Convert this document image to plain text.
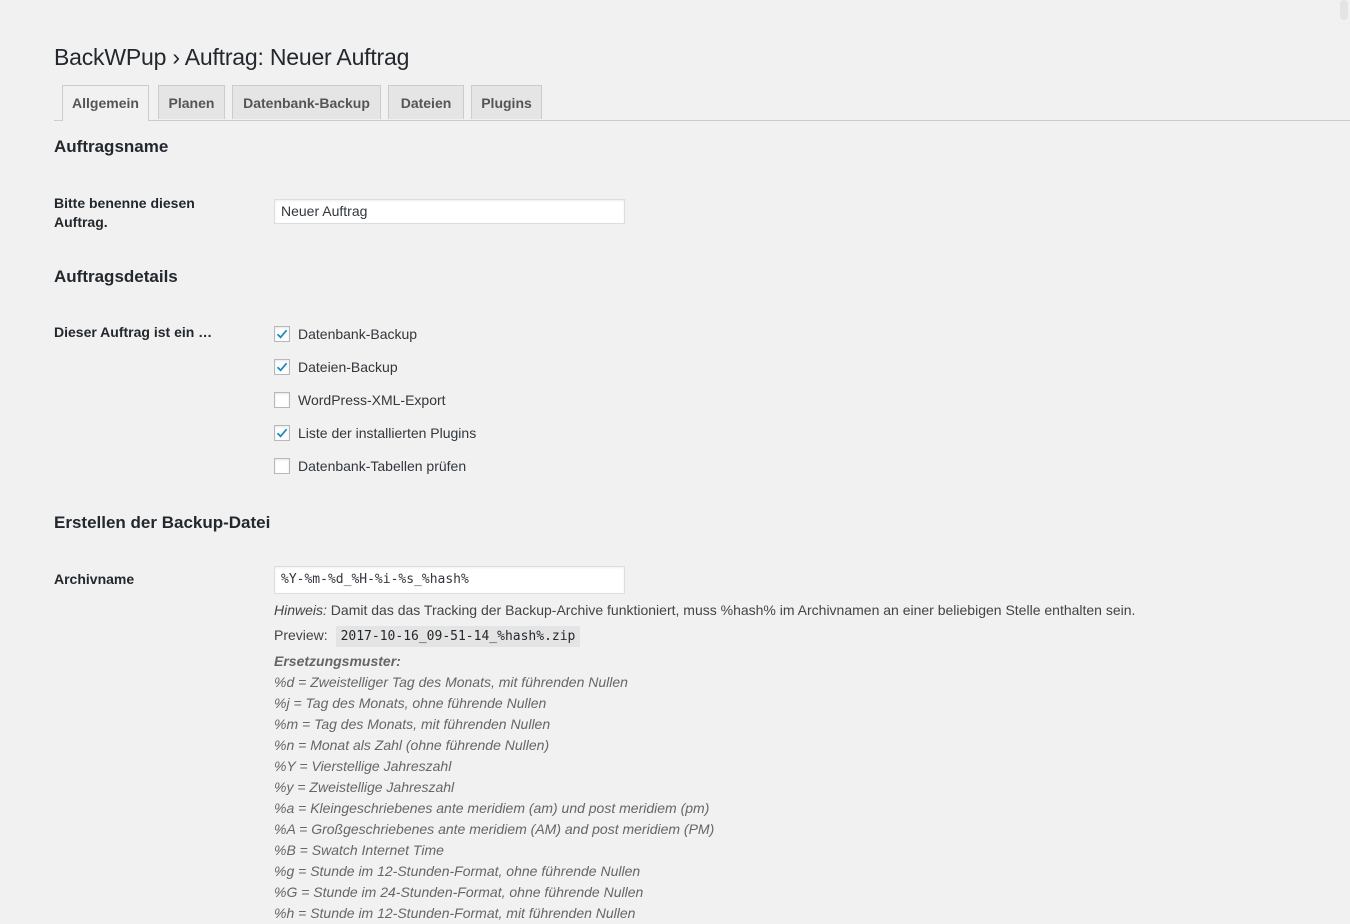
BackWPup › Auftrag: Neuer Auftrag
Allgemein	Planen	Datenbank-Backup	Dateien	Plugins
Auftragsname
Bitte benenne diesen Auftrag.
Neuer Auftrag
Auftragsdetails
Dieser Auftrag ist ein …	Datenbank-Backup
Dateien-Backup
WordPress-XML-Export
Liste der installierten Plugins
Datenbank-Tabellen prüfen
Erstellen der Backup-Datei
Archivname	%Y-%m-%d_%H-%i-%s_%hash%
Hinweis: Damit das das Tracking der Backup-Archive funktioniert, muss %hash% im Archivnamen an einer beliebigen Stelle enthalten sein.
Preview: 2017-10-16_09-51-14_%hash%.zip
Ersetzungsmuster:
%d = Zweistelliger Tag des Monats, mit führenden Nullen
%j = Tag des Monats, ohne führende Nullen
%m = Tag des Monats, mit führenden Nullen
%n = Monat als Zahl (ohne führende Nullen)
%Y = Vierstellige Jahreszahl
%y = Zweistellige Jahreszahl
%a = Kleingeschriebenes ante meridiem (am) und post meridiem (pm)
%A = Großgeschriebenes ante meridiem (AM) and post meridiem (PM)
%B = Swatch Internet Time
%g = Stunde im 12-Stunden-Format, ohne führende Nullen
%G = Stunde im 24-Stunden-Format, ohne führende Nullen
%h = Stunde im 12-Stunden-Format, mit führenden Nullen
